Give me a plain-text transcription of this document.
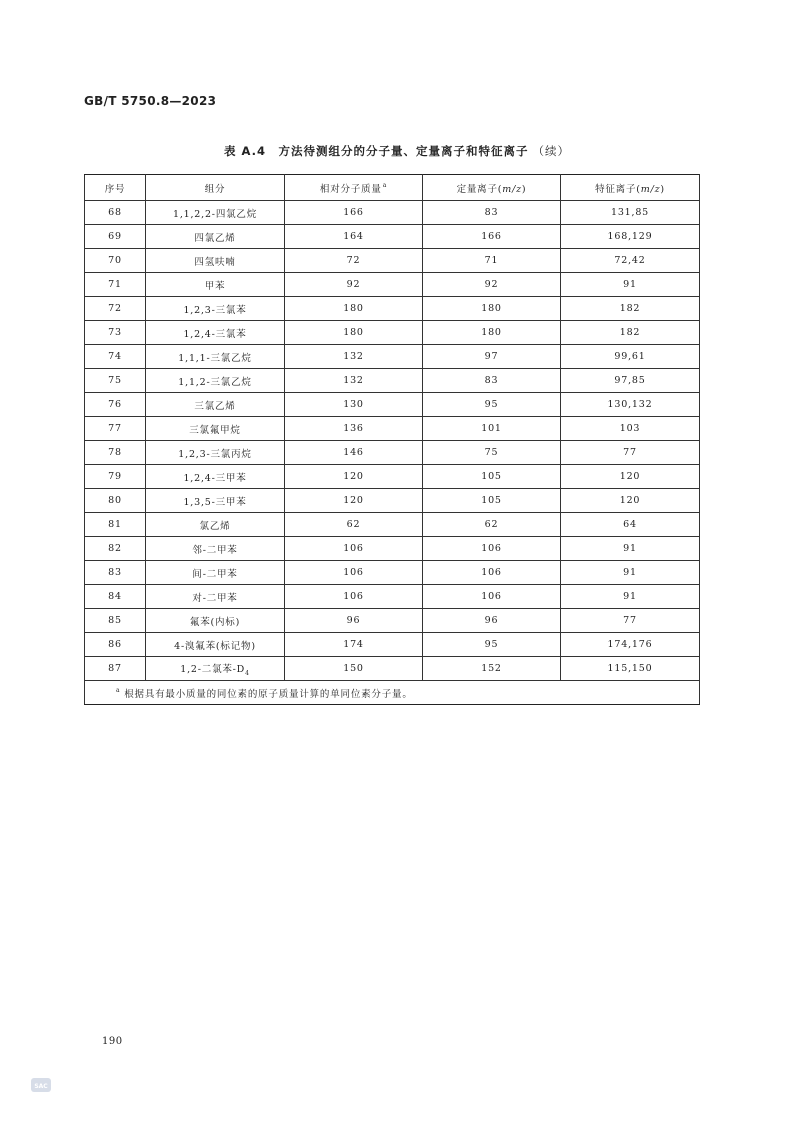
GB/T 5750.8—2023
表 A.4　方法待测组分的分子量、定量离子和特征离子 （续）
序号	组分	相对分子质量$^a$	定量离子(m/z)	特征离子(m/z)
68	1,1,2,2-四氯乙烷	166	83	131,85
69	四氯乙烯	164	166	168,129
70	四氢呋喃	72	71	72,42
71	甲苯	92	92	91
72	1,2,3-三氯苯	180	180	182
73	1,2,4-三氯苯	180	180	182
74	1,1,1-三氯乙烷	132	97	99,61
75	1,1,2-三氯乙烷	132	83	97,85
76	三氯乙烯	130	95	130,132
77	三氯氟甲烷	136	101	103
78	1,2,3-三氯丙烷	146	75	77
79	1,2,4-三甲苯	120	105	120
80	1,3,5-三甲苯	120	105	120
81	氯乙烯	62	62	64
82	邻-二甲苯	106	106	91
83	间-二甲苯	106	106	91
84	对-二甲苯	106	106	91
85	氟苯(内标)	96	96	77
86	4-溴氟苯(标记物)	174	95	174,176
87	1,2-二氯苯$-D_4$	150	152	115,150
$^a$ 根据具有最小质量的同位素的原子质量计算的单同位素分子量。				
190
SAC
